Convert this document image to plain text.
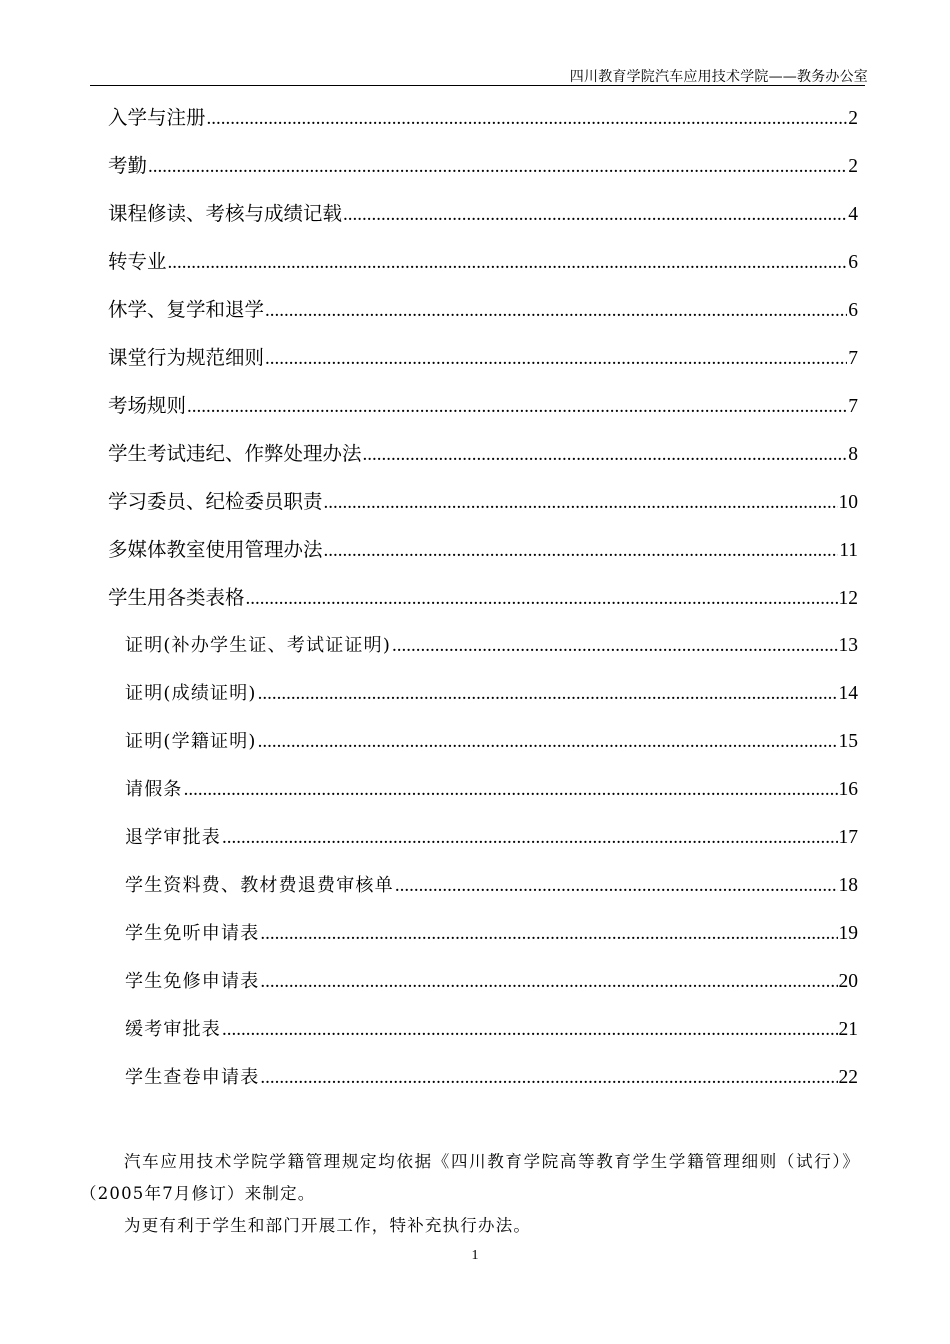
四川教育学院汽车应用技术学院——教务办公室
入学与注册 .....	2
考勤 .....	2
课程修读、考核与成绩记载 .....	4
转专业 .....	6
休学、复学和退学 .....	6
课堂行为规范细则 .....	7
考场规则 .....	7
学生考试违纪、作弊处理办法 .....	8
学习委员、纪检委员职责 .....	10
多媒体教室使用管理办法 .....	11
学生用各类表格 .....	12
证明(补办学生证、考试证证明) .....	13
证明(成绩证明) .....	14
证明(学籍证明) .....	15
请假条 .....	16
退学审批表 .....	17
学生资料费、教材费退费审核单 .....	18
学生免听申请表 .....	19
学生免修申请表 .....	20
缓考审批表 .....	21
学生查卷申请表 .....	22

汽车应用技术学院学籍管理规定均依据《四川教育学院高等教育学生学籍管理细则（试行）》（2005年7月修订）来制定。

为更有利于学生和部门开展工作，特补充执行办法。

1
